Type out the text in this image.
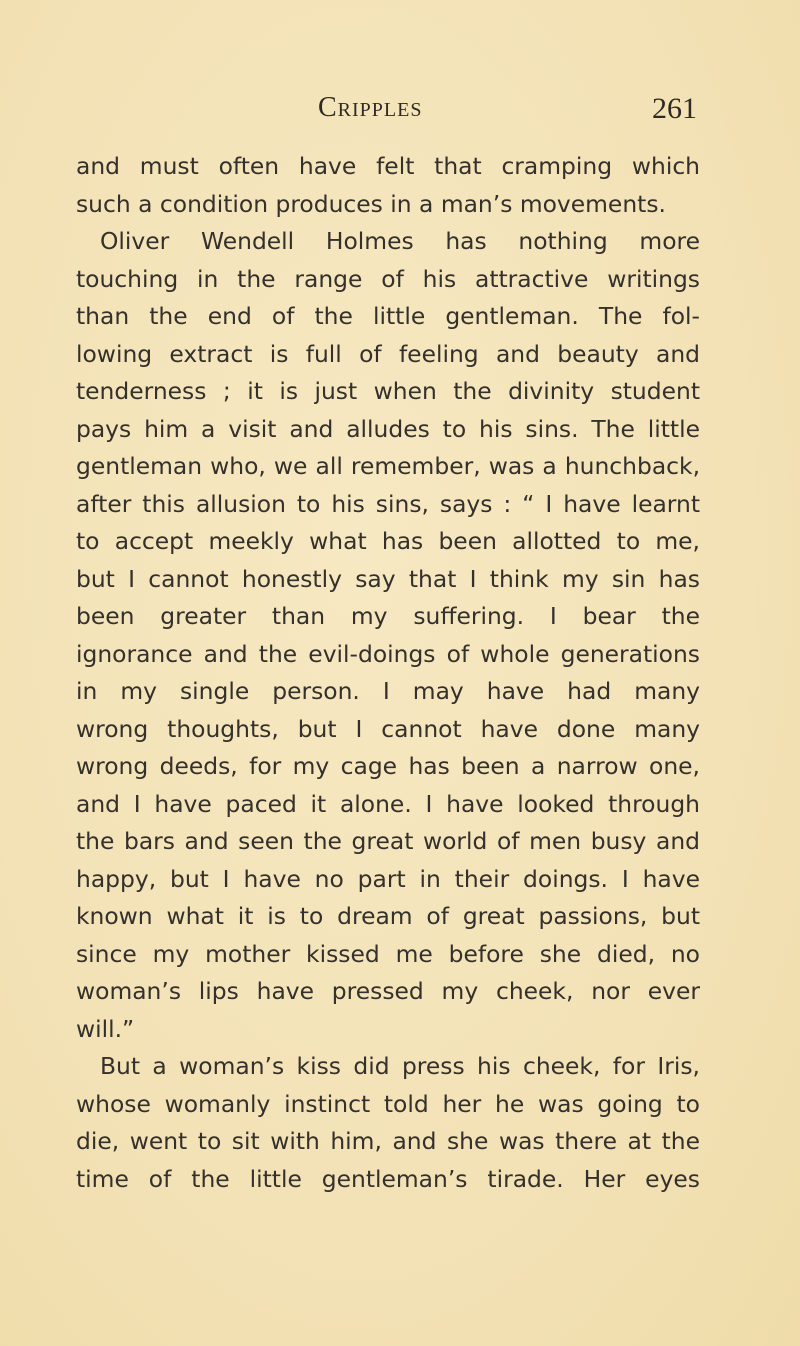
Cripples	261
and must often have felt that cramping which
such a condition produces in a man’s movements.
Oliver Wendell Holmes has nothing more
touching in the range of his attractive writings
than the end of the little gentleman. The fol-
lowing extract is full of feeling and beauty and
tenderness ; it is just when the divinity student
pays him a visit and alludes to his sins. The little
gentleman who, we all remember, was a hunchback,
after this allusion to his sins, says : “ I have learnt
to accept meekly what has been allotted to me,
but I cannot honestly say that I think my sin has
been greater than my suffering. I bear the
ignorance and the evil-doings of whole generations
in my single person. I may have had many
wrong thoughts, but I cannot have done many
wrong deeds, for my cage has been a narrow one,
and I have paced it alone. I have looked through
the bars and seen the great world of men busy and
happy, but I have no part in their doings. I have
known what it is to dream of great passions, but
since my mother kissed me before she died, no
woman’s lips have pressed my cheek, nor ever
will.”
But a woman’s kiss did press his cheek, for Iris,
whose womanly instinct told her he was going to
die, went to sit with him, and she was there at the
time of the little gentleman’s tirade. Her eyes
